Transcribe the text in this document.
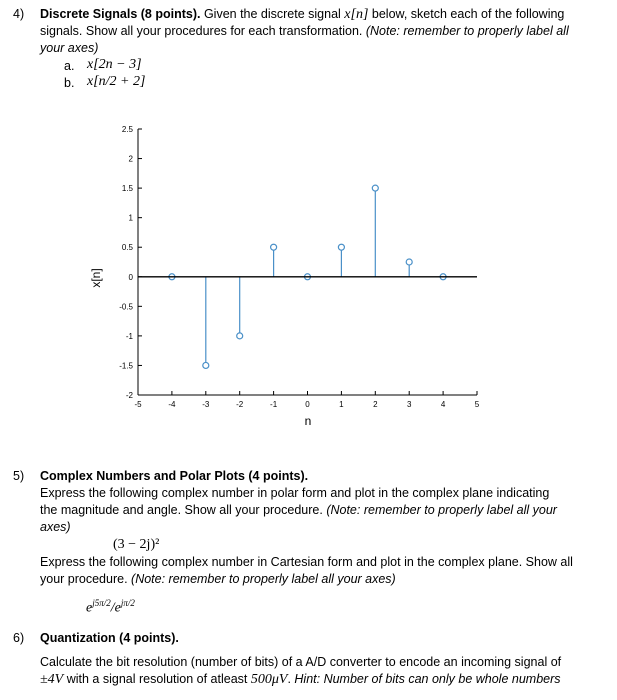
4) Discrete Signals (8 points). Given the discrete signal x[n] below, sketch each of the following
signals. Show all your procedures for each transformation. (Note: remember to properly label all
your axes)
a. x[2n − 3]
b. x[n/2 + 2]
-2
-1.5
-1
-0.5
0
0.5
1
1.5
2
2.5
-5	-4	-3	-2	-1	0	1	2	3	4	5
n
x[n]
5) Complex Numbers and Polar Plots (4 points).
Express the following complex number in polar form and plot in the complex plane indicating
the magnitude and angle. Show all your procedure. (Note: remember to properly label all your
axes)
(3 − 2j)²
Express the following complex number in Cartesian form and plot in the complex plane. Show all
your procedure. (Note: remember to properly label all your axes)
$e^{j5\pi/2}/e^{j\pi/2}$
6) Quantization (4 points).
Calculate the bit resolution (number of bits) of a A/D converter to encode an incoming signal of
±4V with a signal resolution of atleast 500μV. Hint: Number of bits can only be whole numbers
